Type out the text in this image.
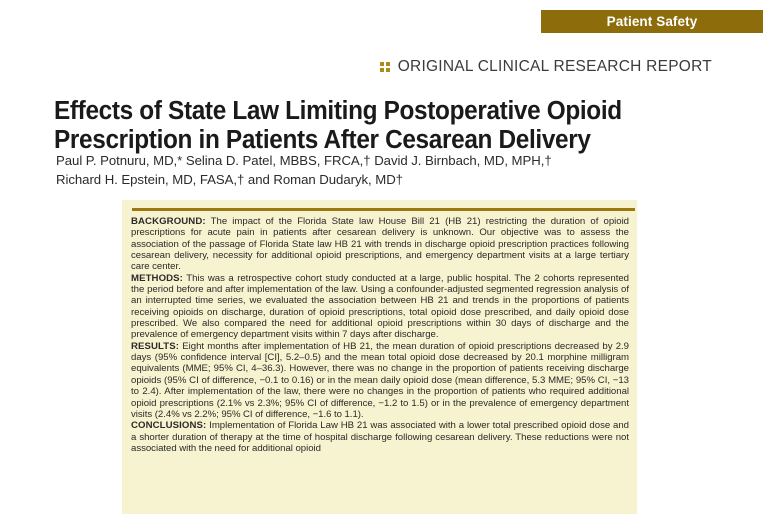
Patient Safety
ORIGINAL CLINICAL RESEARCH REPORT
Effects of State Law Limiting Postoperative Opioid
Prescription in Patients After Cesarean Delivery
Paul P. Potnuru, MD,* Selina D. Patel, MBBS, FRCA,† David J. Birnbach, MD, MPH,†
Richard H. Epstein, MD, FASA,† and Roman Dudaryk, MD†

BACKGROUND: The impact of the Florida State law House Bill 21 (HB 21) restricting the duration of opioid prescriptions for acute pain in patients after cesarean delivery is unknown. Our objective was to assess the association of the passage of Florida State law HB 21 with trends in discharge opioid prescription practices following cesarean delivery, necessity for additional opioid prescriptions, and emergency department visits at a large tertiary care center.

METHODS: This was a retrospective cohort study conducted at a large, public hospital. The 2 cohorts represented the period before and after implementation of the law. Using a confounder-adjusted segmented regression analysis of an interrupted time series, we evaluated the association between HB 21 and trends in the proportions of patients receiving opioids on discharge, duration of opioid prescriptions, total opioid dose prescribed, and daily opioid dose prescribed. We also compared the need for additional opioid prescriptions within 30 days of discharge and the prevalence of emergency department visits within 7 days after discharge.

RESULTS: Eight months after implementation of HB 21, the mean duration of opioid prescriptions decreased by 2.9 days (95% confidence interval [CI], 5.2–0.5) and the mean total opioid dose decreased by 20.1 morphine milligram equivalents (MME; 95% CI, 4–36.3). However, there was no change in the proportion of patients receiving discharge opioids (95% CI of difference, −0.1 to 0.16) or in the mean daily opioid dose (mean difference, 5.3 MME; 95% CI, −13 to 2.4). After implementation of the law, there were no changes in the proportion of patients who required additional opioid prescriptions (2.1% vs 2.3%; 95% CI of difference, −1.2 to 1.5) or in the prevalence of emergency department visits (2.4% vs 2.2%; 95% CI of difference, −1.6 to 1.1).

CONCLUSIONS: Implementation of Florida Law HB 21 was associated with a lower total prescribed opioid dose and a shorter duration of therapy at the time of hospital discharge following cesarean delivery. These reductions were not associated with the need for additional opioid
